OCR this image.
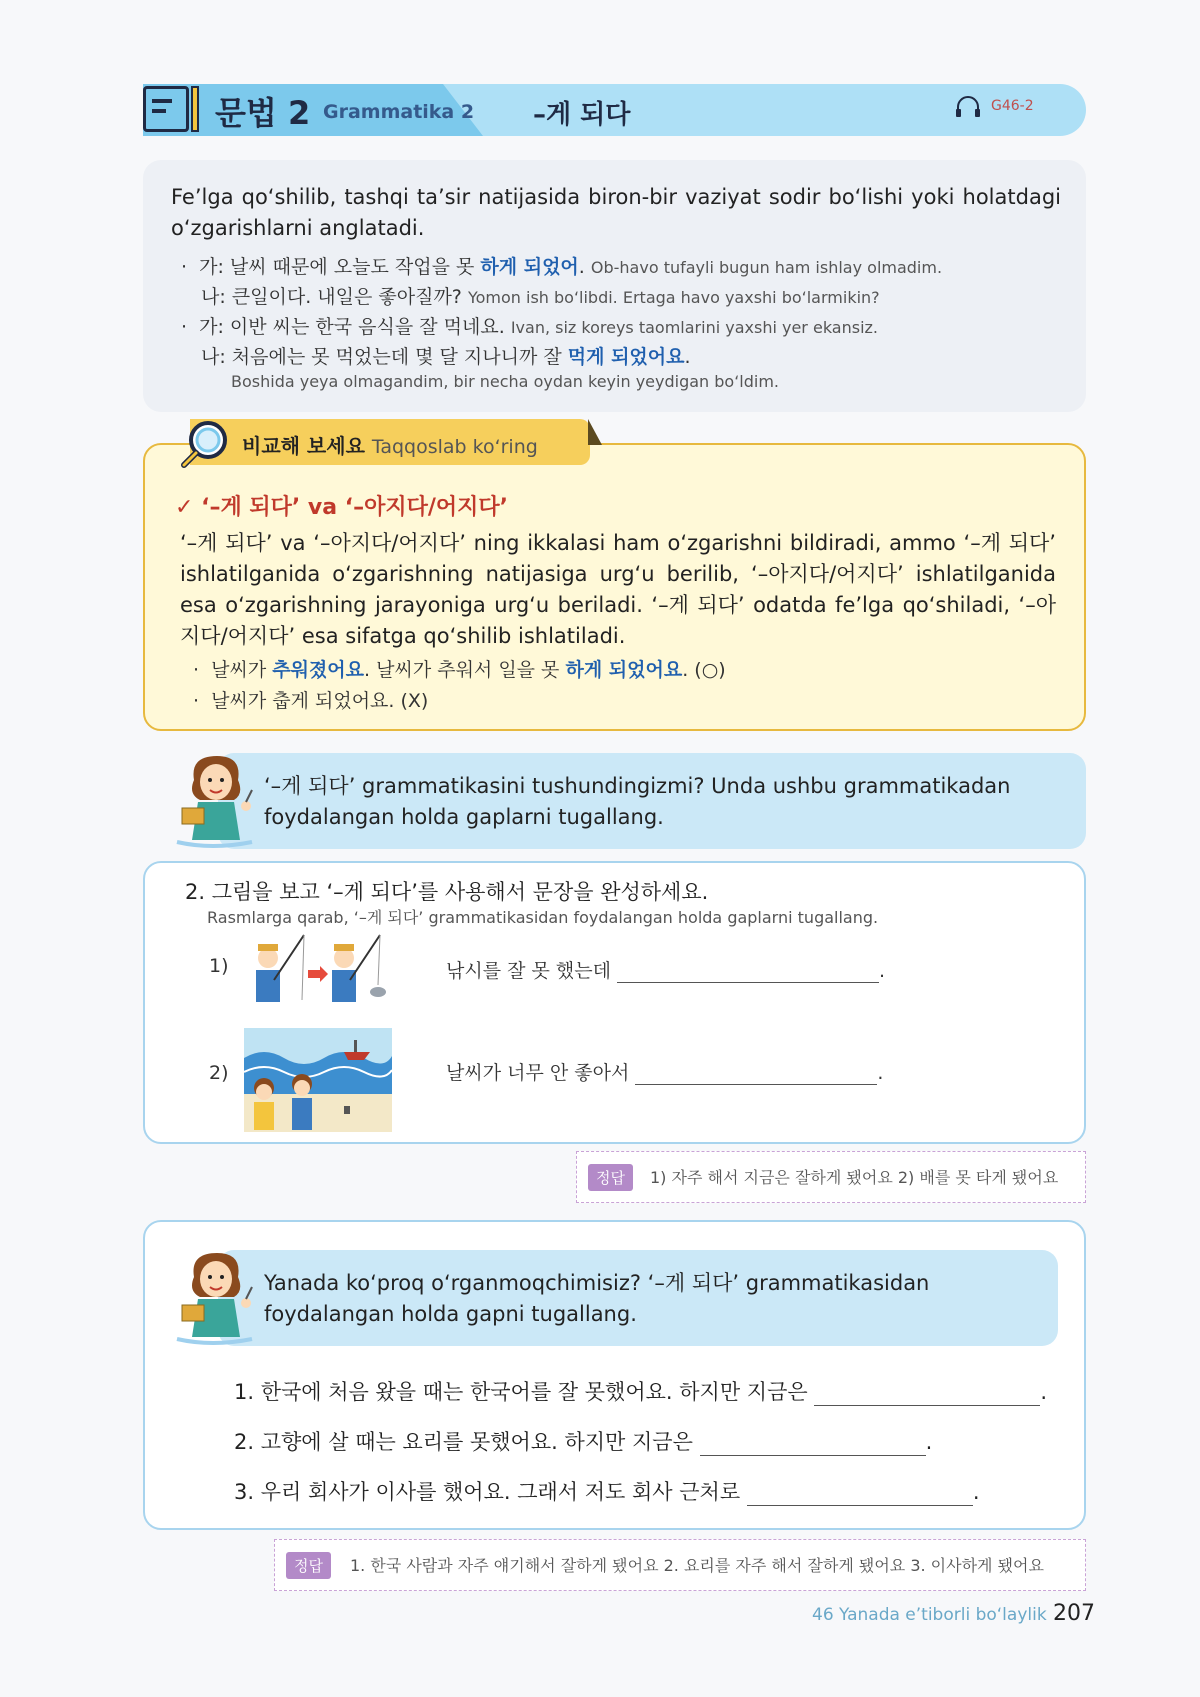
문법 2 Grammatika 2 –게 되다	G46-2
Fe’lga qo‘shilib, tashqi ta’sir natijasida biron-bir vaziyat sodir bo‘lishi yoki holatdagi o‘zgarishlarni anglatadi.
· 가: 날씨 때문에 오늘도 작업을 못 하게 되었어. Ob-havo tufayli bugun ham ishlay olmadim.
나: 큰일이다. 내일은 좋아질까? Yomon ish bo‘libdi. Ertaga havo yaxshi bo‘larmikin?
· 가: 이반 씨는 한국 음식을 잘 먹네요. Ivan, siz koreys taomlarini yaxshi yer ekansiz.
나: 처음에는 못 먹었는데 몇 달 지나니까 잘 먹게 되었어요.
Boshida yeya olmagandim, bir necha oydan keyin yeydigan bo‘ldim.
비교해 보세요 Taqqoslab ko‘ring
✓ ‘–게 되다’ va ‘–아지다/어지다’
‘–게 되다’ va ‘–아지다/어지다’ ning ikkalasi ham o‘zgarishni bildiradi, ammo ‘–게 되다’ ishlatilganida o‘zgarishning natijasiga urg‘u berilib, ‘–아지다/어지다’ ishlatilganida esa o‘zgarishning jarayoniga urg‘u beriladi. ‘–게 되다’ odatda fe’lga qo‘shiladi, ‘–아지다/어지다’ esa sifatga qo‘shilib ishlatiladi.
· 날씨가 추워졌어요. 날씨가 추워서 일을 못 하게 되었어요. (○)
· 날씨가 춥게 되었어요. (X)
‘–게 되다’ grammatikasini tushundingizmi? Unda ushbu grammatikadan foydalangan holda gaplarni tugallang.
2. 그림을 보고 ‘–게 되다’를 사용해서 문장을 완성하세요.
Rasmlarga qarab, ‘–게 되다’ grammatikasidan foydalangan holda gaplarni tugallang.
1)	낚시를 잘 못 했는데	.
2)	날씨가 너무 안 좋아서	.
정답	1) 자주 해서 지금은 잘하게 됐어요 2) 배를 못 타게 됐어요
Yanada ko‘proq o‘rganmoqchimisiz? ‘–게 되다’ grammatikasidan foydalangan holda gapni tugallang.
1. 한국에 처음 왔을 때는 한국어를 잘 못했어요. 하지만 지금은	.
2. 고향에 살 때는 요리를 못했어요. 하지만 지금은	.
3. 우리 회사가 이사를 했어요. 그래서 저도 회사 근처로	.
정답	1. 한국 사람과 자주 얘기해서 잘하게 됐어요 2. 요리를 자주 해서 잘하게 됐어요 3. 이사하게 됐어요
46 Yanada e’tiborli bo‘laylik 207
